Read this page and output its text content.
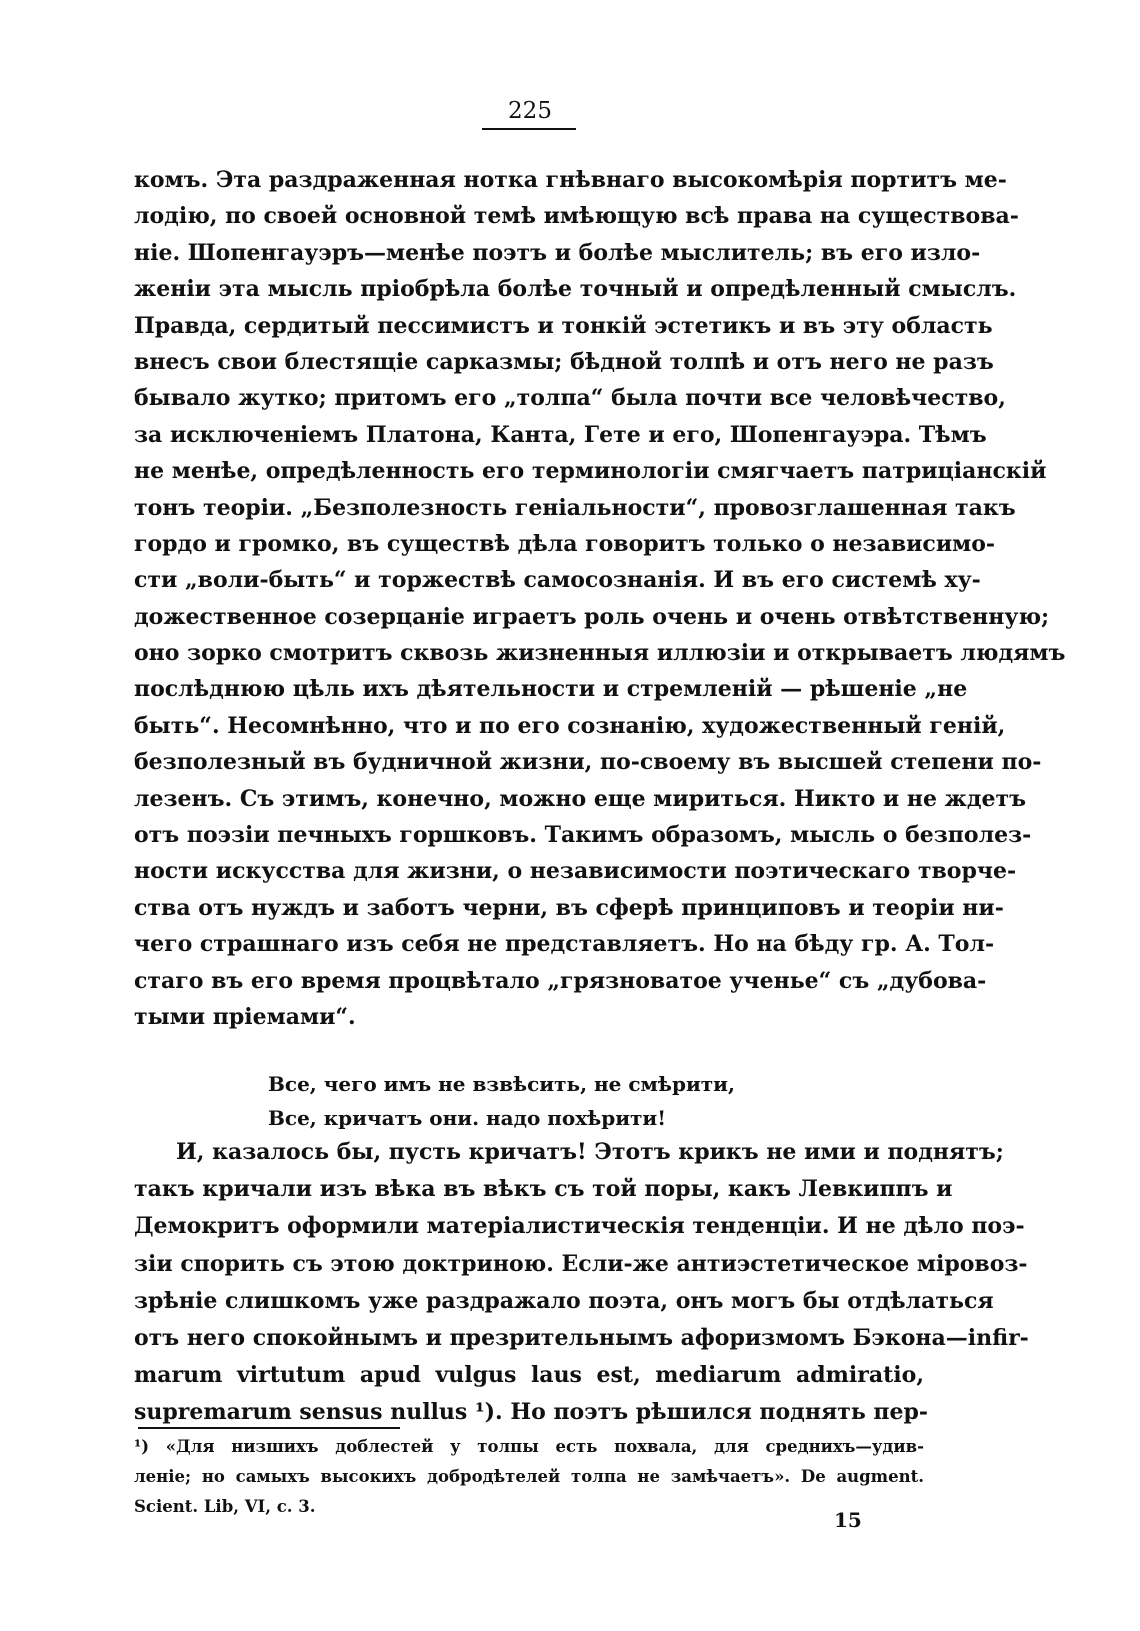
225
комъ. Эта раздраженная нотка гнѣвнаго высокомѣрія портитъ ме-
лодію, по своей основной темѣ имѣющую всѣ права на существова-
ніе. Шопенгауэръ—менѣе поэтъ и болѣе мыслитель; въ его изло-
женіи эта мысль пріобрѣла болѣе точный и опредѣленный смыслъ.
Правда, сердитый пессимистъ и тонкій эстетикъ и въ эту область
внесъ свои блестящіе сарказмы; бѣдной толпѣ и отъ него не разъ
бывало жутко; притомъ его „толпа“ была почти все человѣчество,
за исключеніемъ Платона, Канта, Гете и его, Шопенгауэра. Тѣмъ
не менѣе, опредѣленность его терминологіи смягчаетъ патриціанскій
тонъ теоріи. „Безполезность геніальности“, провозглашенная такъ
гордо и громко, въ существѣ дѣла говоритъ только о независимо-
сти „воли-быть“ и торжествѣ самосознанія. И въ его системѣ ху-
дожественное созерцаніе играетъ роль очень и очень отвѣтственную;
оно зорко смотритъ сквозь жизненныя иллюзіи и открываетъ людямъ
послѣднюю цѣль ихъ дѣятельности и стремленій — рѣшеніе „не
быть“. Несомнѣнно, что и по его сознанію, художественный геній,
безполезный въ будничной жизни, по-своему въ высшей степени по-
лезенъ. Съ этимъ, конечно, можно еще мириться. Никто и не ждетъ
отъ поэзіи печныхъ горшковъ. Такимъ образомъ, мысль о безполез-
ности искусства для жизни, о независимости поэтическаго творче-
ства отъ нуждъ и заботъ черни, въ сферѣ принциповъ и теоріи ни-
чего страшнаго изъ себя не представляетъ. Но на бѣду гр. А. Тол-
стаго въ его время процвѣтало „грязноватое ученье“ съ „дубова-
тыми пріемами“.
Все, чего имъ не взвѣсить, не смѣрити,
Все, кричатъ они. надо похѣрити!
И, казалось бы, пусть кричатъ! Этотъ крикъ не ими и поднятъ;
такъ кричали изъ вѣка въ вѣкъ съ той поры, какъ Левкиппъ и
Демокритъ оформили матеріалистическія тенденціи. И не дѣло поэ-
зіи спорить съ этою доктриною. Если-же антиэстетическое міровоз-
зрѣніе слишкомъ уже раздражало поэта, онъ могъ бы отдѣлаться
отъ него спокойнымъ и презрительнымъ афоризмомъ Бэкона—infir-
marum virtutum apud vulgus laus est, mediarum admiratio,
supremarum sensus nullus ¹). Но поэтъ рѣшился поднять пер-
¹) «Для низшихъ доблестей у толпы есть похвала, для среднихъ—удив-
леніе; но самыхъ высокихъ добродѣтелей толпа не замѣчаетъ». De augment.
Scient. Lib, VI, c. 3.
15
